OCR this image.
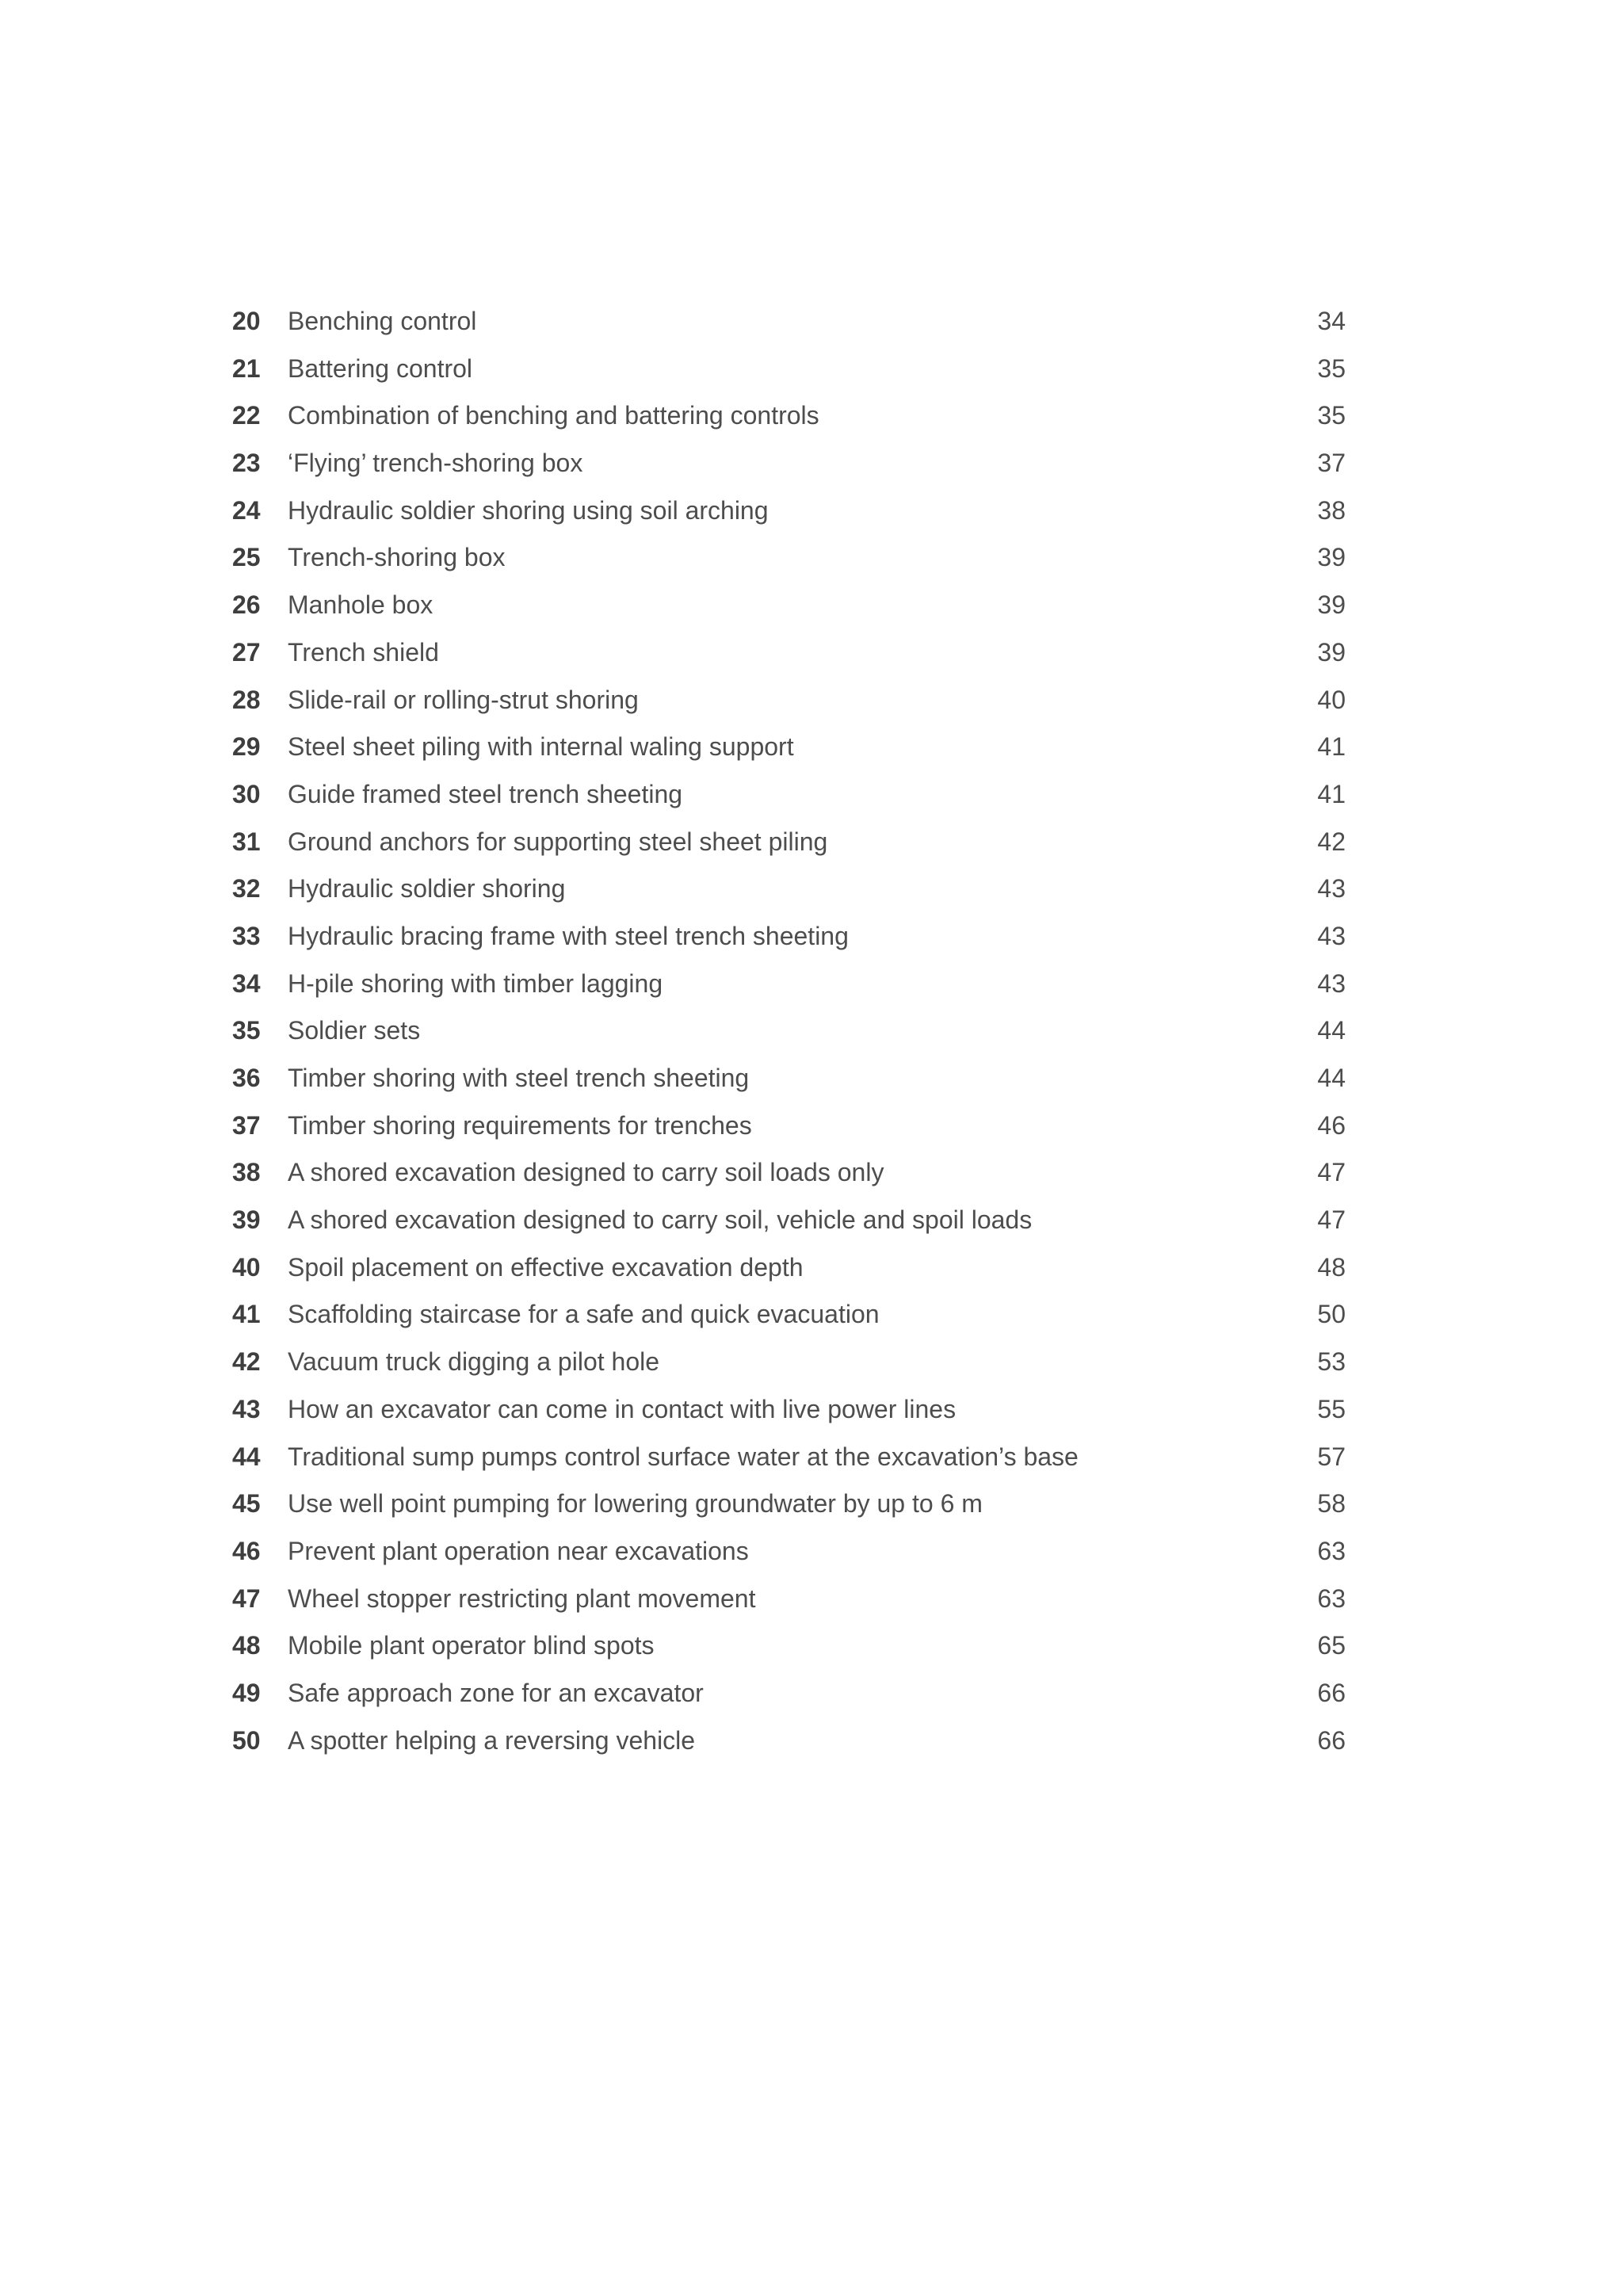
20	Benching control	34
21	Battering control	35
22	Combination of benching and battering controls	35
23	‘Flying’ trench-shoring box	37
24	Hydraulic soldier shoring using soil arching	38
25	Trench-shoring box	39
26	Manhole box	39
27	Trench shield	39
28	Slide-rail or rolling-strut shoring	40
29	Steel sheet piling with internal waling support	41
30	Guide framed steel trench sheeting	41
31	Ground anchors for supporting steel sheet piling	42
32	Hydraulic soldier shoring	43
33	Hydraulic bracing frame with steel trench sheeting	43
34	H-pile shoring with timber lagging	43
35	Soldier sets	44
36	Timber shoring with steel trench sheeting	44
37	Timber shoring requirements for trenches	46
38	A shored excavation designed to carry soil loads only	47
39	A shored excavation designed to carry soil, vehicle and spoil loads	47
40	Spoil placement on effective excavation depth	48
41	Scaffolding staircase for a safe and quick evacuation	50
42	Vacuum truck digging a pilot hole	53
43	How an excavator can come in contact with live power lines	55
44	Traditional sump pumps control surface water at the excavation’s base	57
45	Use well point pumping for lowering groundwater by up to 6 m	58
46	Prevent plant operation near excavations	63
47	Wheel stopper restricting plant movement	63
48	Mobile plant operator blind spots	65
49	Safe approach zone for an excavator	66
50	A spotter helping a reversing vehicle	66
